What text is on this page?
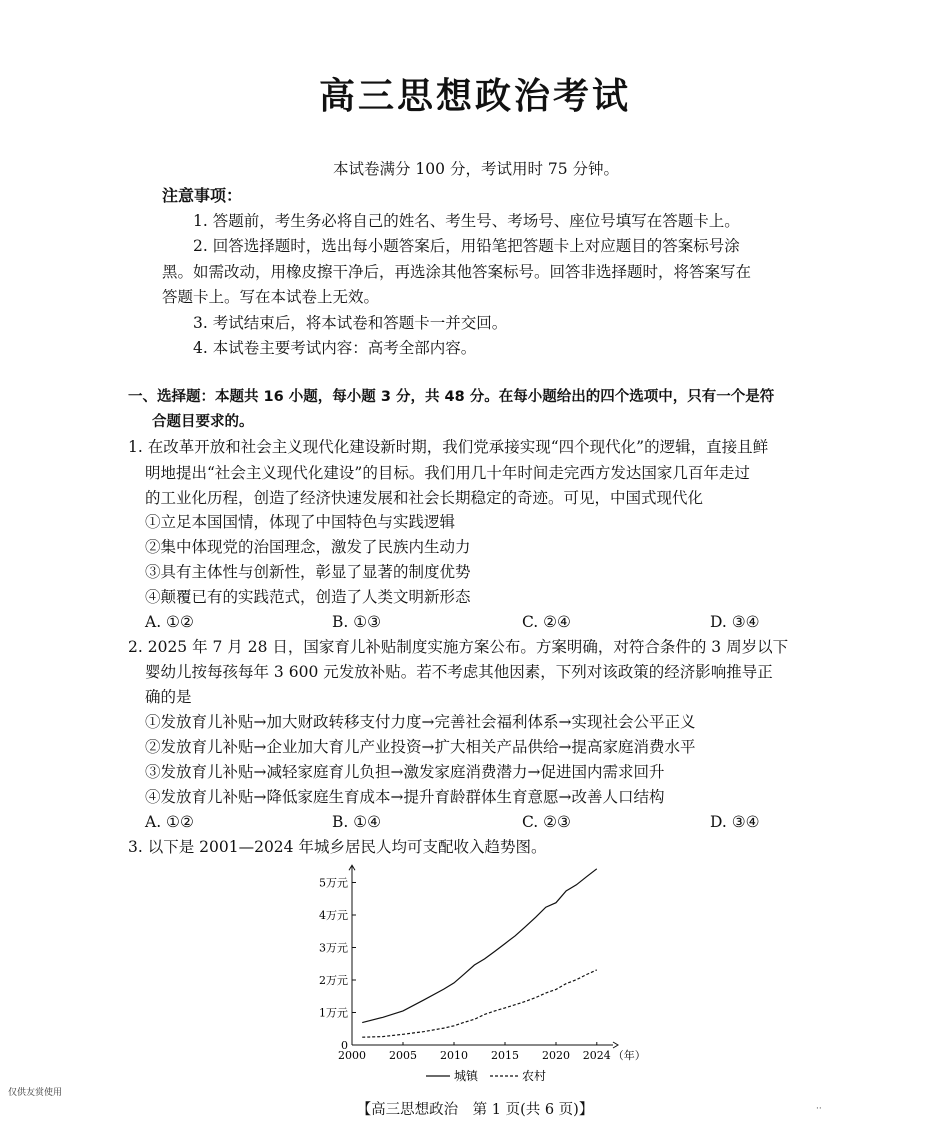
高三思想政治考试
本试卷满分 100 分，考试用时 75 分钟。
注意事项：
1. 答题前，考生务必将自己的姓名、考生号、考场号、座位号填写在答题卡上。
2. 回答选择题时，选出每小题答案后，用铅笔把答题卡上对应题目的答案标号涂
黑。如需改动，用橡皮擦干净后，再选涂其他答案标号。回答非选择题时，将答案写在
答题卡上。写在本试卷上无效。
3. 考试结束后，将本试卷和答题卡一并交回。
4. 本试卷主要考试内容：高考全部内容。
一、选择题：本题共 16 小题，每小题 3 分，共 48 分。在每小题给出的四个选项中，只有一个是符
合题目要求的。
1. 在改革开放和社会主义现代化建设新时期，我们党承接实现“四个现代化”的逻辑，直接且鲜
明地提出“社会主义现代化建设”的目标。我们用几十年时间走完西方发达国家几百年走过
的工业化历程，创造了经济快速发展和社会长期稳定的奇迹。可见，中国式现代化
①立足本国国情，体现了中国特色与实践逻辑
②集中体现党的治国理念，激发了民族内生动力
③具有主体性与创新性，彰显了显著的制度优势
④颠覆已有的实践范式，创造了人类文明新形态
A. ①②	B. ①③	C. ②④	D. ③④
2. 2025 年 7 月 28 日，国家育儿补贴制度实施方案公布。方案明确，对符合条件的 3 周岁以下
婴幼儿按每孩每年 3 600 元发放补贴。若不考虑其他因素，下列对该政策的经济影响推导正
确的是
①发放育儿补贴→加大财政转移支付力度→完善社会福利体系→实现社会公平正义
②发放育儿补贴→企业加大育儿产业投资→扩大相关产品供给→提高家庭消费水平
③发放育儿补贴→减轻家庭育儿负担→激发家庭消费潜力→促进国内需求回升
④发放育儿补贴→降低家庭生育成本→提升育龄群体生育意愿→改善人口结构
A. ①②	B. ①④	C. ②③	D. ③④
3. 以下是 2001—2024 年城乡居民人均可支配收入趋势图。
0
1万元
2万元
3万元
4万元
5万元
2000 2005 2010 2015 2020 2024 （年）
城镇	农村
仅供友赏使用
【高三思想政治　第 1 页(共 6 页)】	··
